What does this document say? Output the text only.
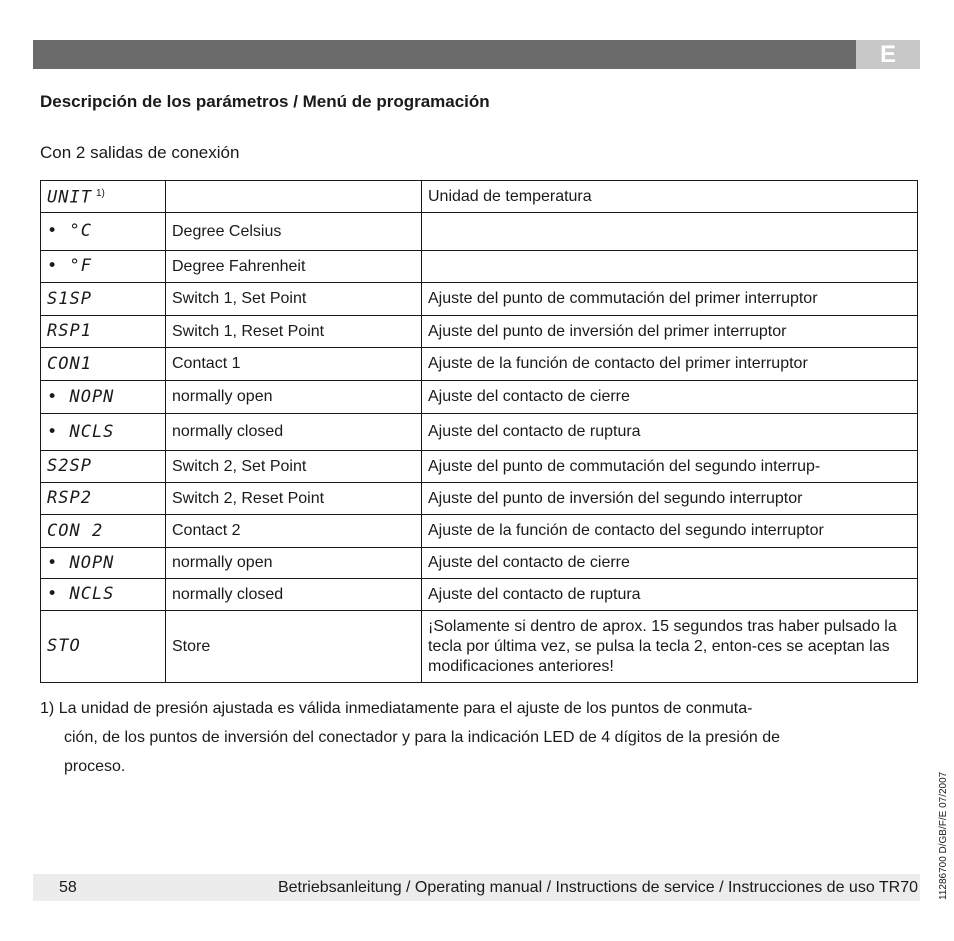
E
Descripción de los parámetros / Menú de programación
Con 2 salidas de conexión
UNIT $^{1)}$		Unidad de temperatura
• °C	Degree Celsius	
• °F	Degree Fahrenheit	
S1SP	Switch 1, Set Point	Ajuste del punto de commutación del primer interruptor
RSP1	Switch 1, Reset Point	Ajuste del punto de inversión del primer interruptor
CON1	Contact 1	Ajuste de la función de contacto del primer interruptor
• NOPN	normally open	Ajuste del contacto de cierre
• NCLS	normally closed	Ajuste del contacto de ruptura
S2SP	Switch 2, Set Point	Ajuste del punto de commutación del segundo interrup-
RSP2	Switch 2, Reset Point	Ajuste del punto de inversión del segundo interruptor
CON 2	Contact 2	Ajuste de la función de contacto del segundo interruptor
• NOPN	normally open	Ajuste del contacto de cierre
• NCLS	normally closed	Ajuste del contacto de ruptura
STO	Store	¡Solamente si dentro de aprox. 15 segundos tras haber pulsado la tecla por última vez, se pulsa la tecla 2, enton-ces se aceptan las modificaciones anteriores!
1) La unidad de presión ajustada es válida inmediatamente para el ajuste de los puntos de conmuta-
ción, de los puntos de inversión del conectador y para la indicación LED de 4 dígitos de la presión de
proceso.
58	Betriebsanleitung / Operating manual / Instructions de service / Instrucciones de uso TR70 11286700 D/GB/F/E 07/2007
